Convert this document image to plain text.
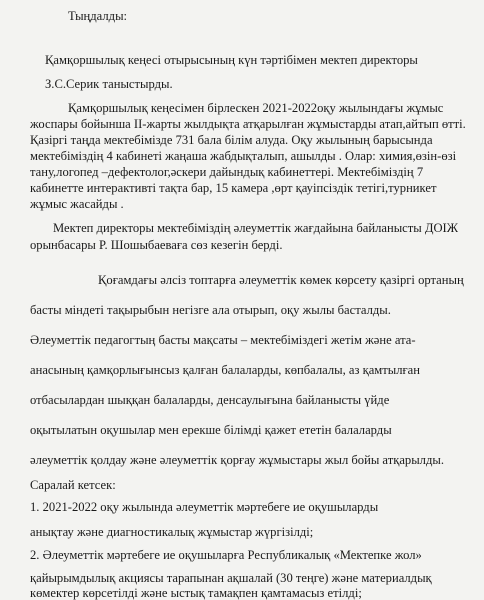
Тыңдалды:
Қамқоршылық кеңесі отырысының күн тәртібімен мектеп директоры
З.С.Серик таныстырды.
Қамқоршылық кеңесімен бірлескен 2021-2022оқу жылындағы жұмыс
жоспары бойынша ІІ-жарты жылдықта атқарылған жұмыстарды атап,айтып өтті.
Қазіргі таңда мектебімізде 731 бала білім алуда. Оқу жылының барысында
мектебіміздің 4 кабинеті жаңаша жабдықталып, ашылды . Олар: химия,өзін-өзі
тану,логопед –дефектолог,әскери дайындық кабинеттері. Мектебіміздің 7
кабинетте интерактивті тақта бар, 15 камера ,өрт қауіпсіздік тетігі,турникет
жұмыс жасайды .
Мектеп директоры мектебіміздің әлеуметтік жағдайына байланысты ДОІЖ
орынбасары Р. Шошыбаеваға сөз кезегін берді.
Қоғамдағы әлсіз топтарға әлеуметтік көмек көрсету қазіргі ортаның
басты міндеті тақырыбын негізге ала отырып, оқу жылы басталды.
Әлеуметтік педагогтың басты мақсаты – мектебіміздегі жетім және ата-
анасының қамқорлығынсыз қалған балаларды, көпбалалы, аз қамтылған
отбасылардан шыққан балаларды, денсаулығына байланысты үйде
оқытылатын оқушылар мен ерекше білімді қажет ететін балаларды
әлеуметтік қолдау және әлеуметтік қорғау жұмыстары жыл бойы атқарылды.
Саралай кетсек:
1. 2021-2022 оқу жылында әлеуметтік мәртебеге ие оқушыларды
анықтау және диагностикалық жұмыстар жүргізілді;
2. Әлеуметтік мәртебеге ие оқушыларға Республикалық «Мектепке жол»
қайырымдылық акциясы тарапынан ақшалай (30 теңге) және материалдық
көмектер көрсетілді және ыстық тамақпен қамтамасыз етілді;
